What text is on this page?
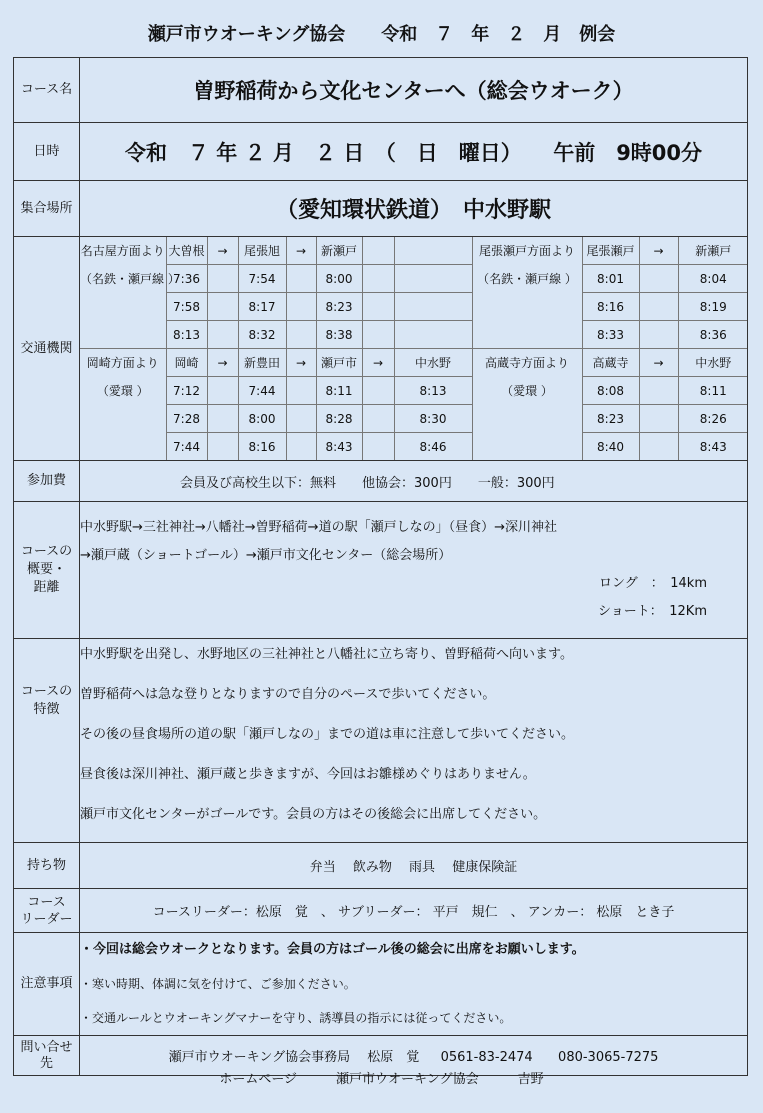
瀬戸市ウオーキング協会　　令和　７　年　２　月　例会
コース名	曽野稲荷から文化センターへ（総会ウオーク）
日時	令和　７ 年 ２ 月　２ 日　（　日　曜日）　　午前　9時00分
集合場所	（愛知環状鉄道）　中水野駅
交通機関	
名古屋方面より	大曽根	→	尾張旭	→	新瀬戸			尾張瀬戸方面より	尾張瀬戸	→	新瀬戸
（名鉄・瀬戸線 ）	7:36		7:54		8:00			（名鉄・瀬戸線 ）	8:01		8:04
	7:58		8:17		8:23				8:16		8:19
	8:13		8:32		8:38				8:33		8:36
岡崎方面より	岡崎	→	新豊田	→	瀬戸市	→	中水野	高蔵寺方面より	高蔵寺	→	中水野
（愛環 ）	7:12		7:44		8:11		8:13	（愛環 ）	8:08		8:11
	7:28		8:00		8:28		8:30		8:23		8:26
	7:44		8:16		8:43		8:46		8:40		8:43

参加費	会員及び高校生以下：無料　　他協会：300円　　一般：300円
コースの
概要・
距離	
中水野駅→三社神社→八幡社→曽野稲荷→道の駅「瀬戸しなの」（昼食）→深川神社
→瀬戸蔵（ショートゴール）→瀬戸市文化センター（総会場所）
ロング　：　14km
ショート：　12Km

コースの
特徴	
中水野駅を出発し、水野地区の三社神社と八幡社に立ち寄り、曽野稲荷へ向います。
曽野稲荷へは急な登りとなりますので自分のペースで歩いてください。
その後の昼食場所の道の駅「瀬戸しなの」までの道は車に注意して歩いてください。
昼食後は深川神社、瀬戸蔵と歩きますが、今回はお雛様めぐりはありません。
瀬戸市文化センターがゴールです。会員の方はその後総会に出席してください。

持ち物	弁当　 飲み物　 雨具　 健康保険証
コース
リーダー	コースリーダー：松原　覚　、 サブリーダー： 平戸　規仁　、 アンカー： 松原　とき子
注意事項	
・今回は総会ウオークとなります。会員の方はゴール後の総会に出席をお願いします。
・寒い時期、体調に気を付けて、ご参加ください。
・交通ルールとウオーキングマナーを守り、誘導員の指示には従ってください。

問い合せ
先	瀬戸市ウオーキング協会事務局　 松原　覚　  0561-83-2474　   080-3065-7275
ホームページ　　　瀬戸市ウオーキング協会　　　吉野
